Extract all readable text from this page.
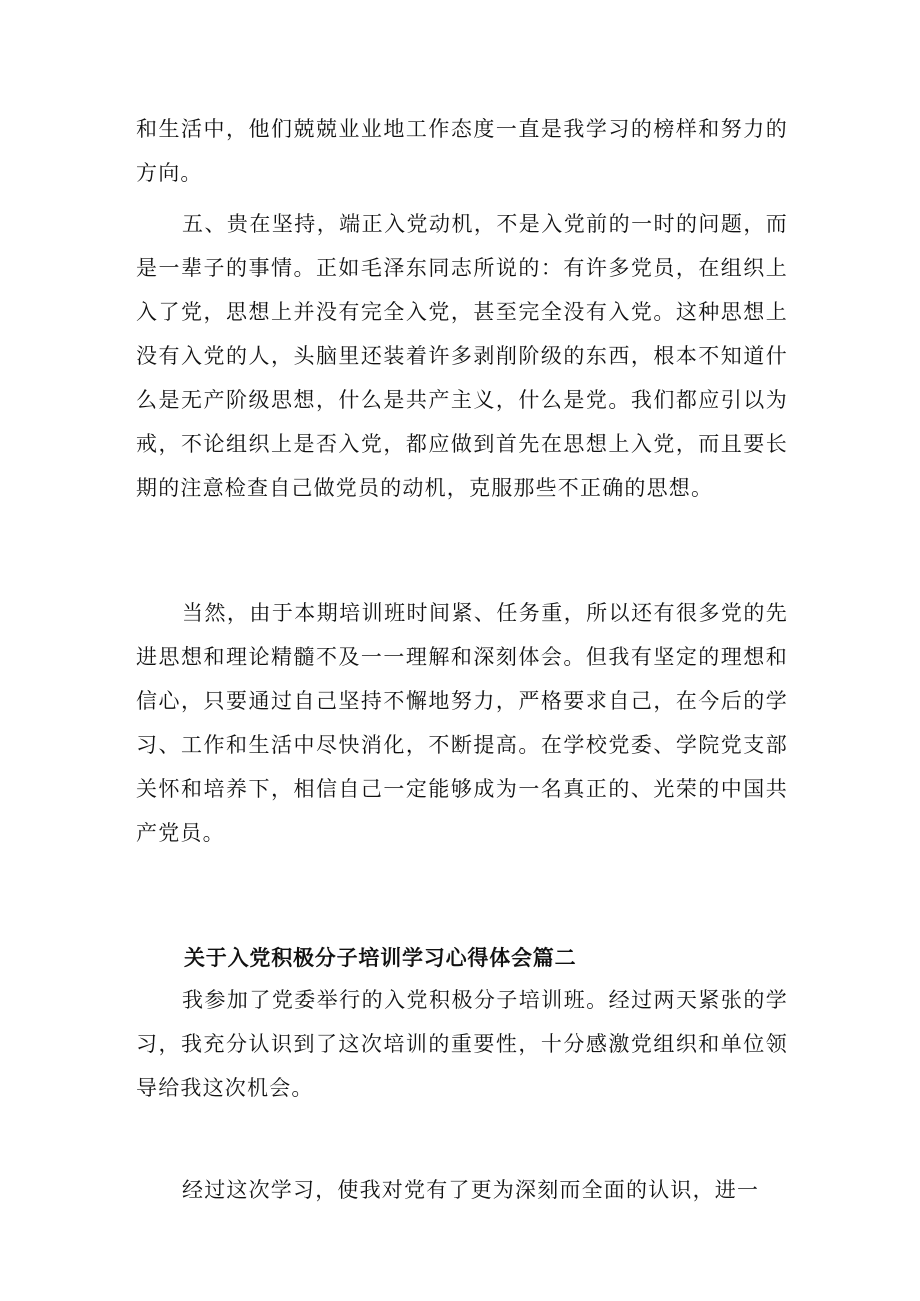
和生活中，他们兢兢业业地工作态度一直是我学习的榜样和努力的方向。

五、贵在坚持，端正入党动机，不是入党前的一时的问题，而是一辈子的事情。正如毛泽东同志所说的：有许多党员，在组织上入了党，思想上并没有完全入党，甚至完全没有入党。这种思想上没有入党的人，头脑里还装着许多剥削阶级的东西，根本不知道什么是无产阶级思想，什么是共产主义，什么是党。我们都应引以为戒，不论组织上是否入党，都应做到首先在思想上入党，而且要长期的注意检查自己做党员的动机，克服那些不正确的思想。

当然，由于本期培训班时间紧、任务重，所以还有很多党的先进思想和理论精髓不及一一理解和深刻体会。但我有坚定的理想和信心，只要通过自己坚持不懈地努力，严格要求自己，在今后的学习、工作和生活中尽快消化，不断提高。在学校党委、学院党支部关怀和培养下，相信自己一定能够成为一名真正的、光荣的中国共产党员。

关于入党积极分子培训学习心得体会篇二

我参加了党委举行的入党积极分子培训班。经过两天紧张的学习，我充分认识到了这次培训的重要性，十分感激党组织和单位领导给我这次机会。

经过这次学习，使我对党有了更为深刻而全面的认识，进一
